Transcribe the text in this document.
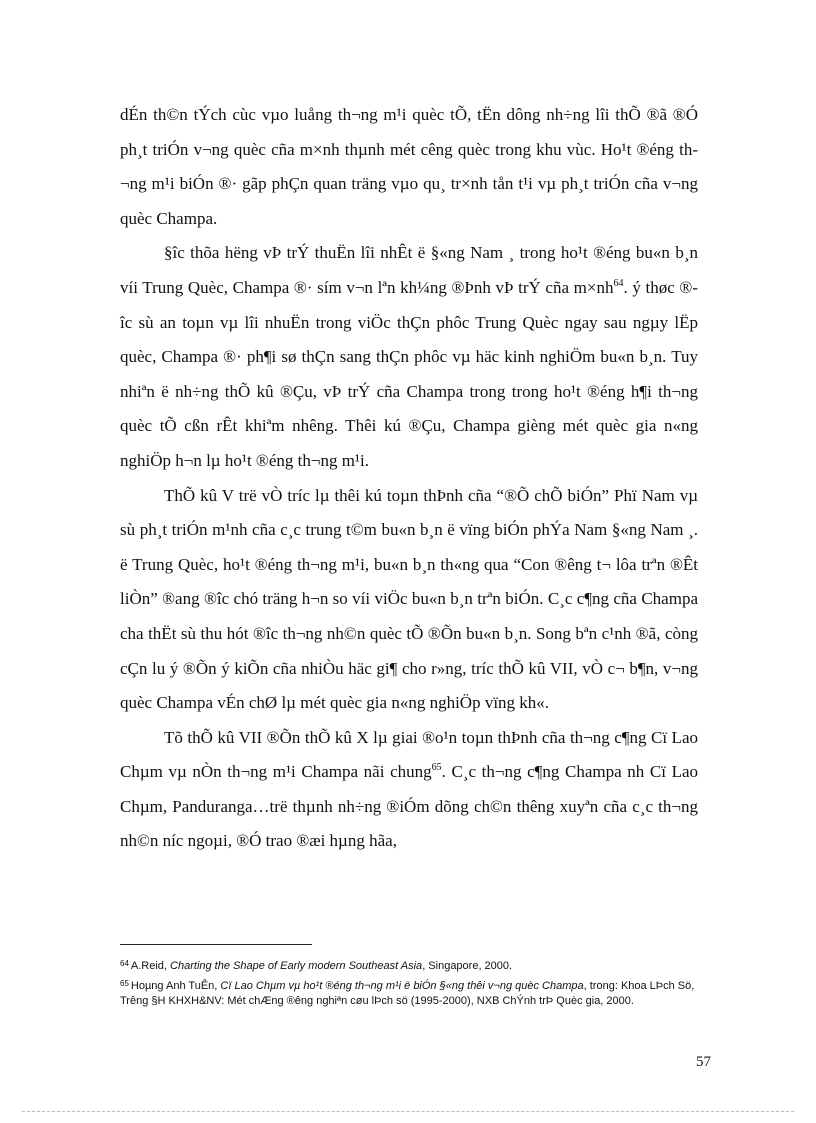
dÉn th©n tÝch cùc vµo luång th¬ng m¹i quèc tÕ, tËn dông nh÷ng lîi thÕ ®ã ®Ó ph¸t triÓn v¬ng quèc cña m×nh thµnh mét cêng quèc trong khu vùc. Ho¹t ®éng th¬ng m¹i biÓn ®· gãp phÇn quan träng vµo qu¸ tr×nh tån t¹i vµ ph¸t triÓn cña v¬ng quèc Champa.

§îc thõa hëng vÞ trÝ thuËn lîi nhÊt ë §«ng Nam ¸ trong ho¹t ®éng bu«n b¸n víi Trung Quèc, Champa ®· sím v¬n lªn kh¼ng ®Þnh vÞ trÝ cña $m\times nh^{64}$. ý thøc ®îc sù an toµn vµ lîi nhuËn trong viÖc thÇn phôc Trung Quèc ngay sau ngµy lËp quèc, Champa ®· ph¶i sø thÇn sang thÇn phôc vµ häc kinh nghiÖm bu«n b¸n. Tuy nhiªn ë nh÷ng thÕ kû ®Çu, vÞ trÝ cña Champa trong trong ho¹t ®éng h¶i th¬ng quèc tÕ cßn rÊt khiªm nhêng. Thêi kú ®Çu, Champa gièng mét quèc gia n«ng nghiÖp h¬n lµ ho¹t ®éng th¬ng m¹i.

ThÕ kû V trë vÒ tríc lµ thêi kú toµn thÞnh cña “®Õ chÕ biÓn” Phï Nam vµ sù ph¸t triÓn m¹nh cña c¸c trung t©m bu«n b¸n ë vïng biÓn phÝa Nam §«ng Nam ¸. ë Trung Quèc, ho¹t ®éng th¬ng m¹i, bu«n b¸n th«ng qua “Con ®êng t¬ lôa trªn ®Êt liÒn” ®ang ®îc chó träng h¬n so víi viÖc bu«n b¸n trªn biÓn. C¸c c¶ng cña Champa cha thËt sù thu hót ®îc th¬ng nh©n quèc tÕ ®Õn bu«n b¸n. Song bªn c¹nh ®ã, còng cÇn lu ý ®Õn ý kiÕn cña nhiÒu häc gi¶ cho r»ng, tríc thÕ kû VII, vÒ c¬ b¶n, v¬ng quèc Champa vÉn chØ lµ mét quèc gia n«ng nghiÖp vïng kh«.

Tõ thÕ kû VII ®Õn thÕ kû X lµ giai ®o¹n toµn thÞnh cña th¬ng c¶ng Cï Lao Chµm vµ nÒn th¬ng m¹i Champa nãi chung$^{65}$. C¸c th¬ng c¶ng Champa nh Cï Lao Chµm, Panduranga…trë thµnh nh÷ng ®iÓm dõng ch©n thêng xuyªn cña c¸c th¬ng nh©n níc ngoµi, ®Ó trao ®æi hµng hãa,

$^{64}$ A.Reid, Charting the Shape of Early modern Southeast Asia, Singapore, 2000.

$^{65}$ Hoµng Anh TuÊn, Cï Lao Chµm vµ ho¹t ®éng th¬ng m¹i ë biÓn §«ng thêi v¬ng quèc Champa, trong: Khoa LÞch Sö, Trêng §H KHXH&NV: Mét chÆng ®êng nghiªn cøu lÞch sö (1995-2000), NXB ChÝnh trÞ Quèc gia, 2000.

57
